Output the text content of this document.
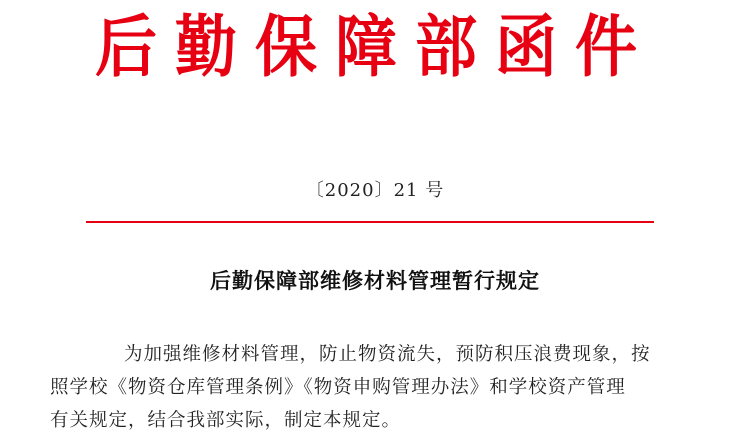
后勤保障部函件
〔2020〕21 号
后勤保障部维修材料管理暂行规定
为加强维修材料管理，防止物资流失，预防积压浪费现象，按
照学校《物资仓库管理条例》《物资申购管理办法》和学校资产管理
有关规定，结合我部实际，制定本规定。
